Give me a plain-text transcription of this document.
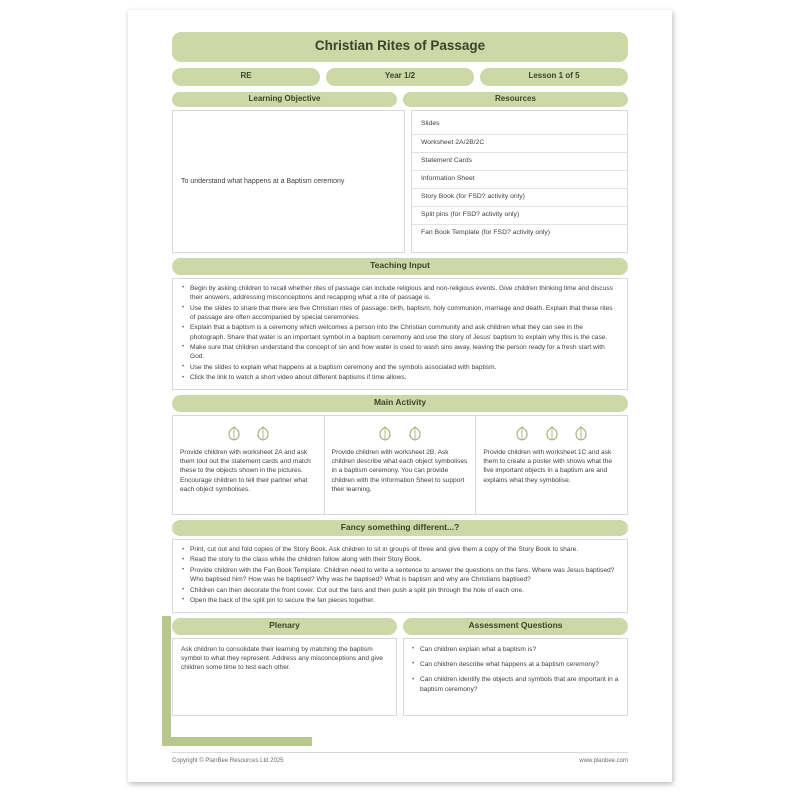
Christian Rites of Passage
RE	Year 1/2	Lesson 1 of 5
Learning Objective	Resources
To understand what happens at a Baptism ceremony
Slides
Worksheet 2A/2B/2C
Statement Cards
Information Sheet
Story Book (for FSD? activity only)
Split pins (for FSD? activity only)
Fan Book Template (for FSD? activity only)
Teaching Input
• Begin by asking children to recall whether rites of passage can include religious and non-religious events. Give children thinking time and discuss their answers, addressing misconceptions and recapping what a rite of passage is.
• Use the slides to share that there are five Christian rites of passage: birth, baptism, holy communion, marriage and death. Explain that these rites of passage are often accompanied by special ceremonies.
• Explain that a baptism is a ceremony which welcomes a person into the Christian community and ask children what they can see in the photograph. Share that water is an important symbol in a baptism ceremony and use the story of Jesus' baptism to explain why this is the case.
• Make sure that children understand the concept of sin and how water is used to wash sins away, leaving the person ready for a fresh start with God.
• Use the slides to explain what happens at a baptism ceremony and the symbols associated with baptism.
• Click the link to watch a short video about different baptisms if time allows.
Main Activity

Provide children with worksheet 2A and ask them tout out the statement cards and match these to the objects shown in the pictures. Encourage children to tell their partner what each object symbolises.

Provide children with worksheet 2B. Ask children describe what each object symbolises in a baptism ceremony. You can provide children with the Information Sheet to support their learning.

Provide children with worksheet 1C and ask them to create a poster with shows what the five important objects in a baptism are and explains what they symbolise.
Fancy something different...?
• Print, cut out and fold copies of the Story Book. Ask children to sit in groups of three and give them a copy of the Story Book to share.
• Read the story to the class while the children follow along with their Story Book.
• Provide children with the Fan Book Template. Children need to write a sentence to answer the questions on the fans. Where was Jesus baptised? Who baptised him? How was he baptised? Why was he baptised? What is baptism and why are Christians baptised?
• Children can then decorate the front cover. Cut out the fans and then push a split pin through the hole of each one.
• Open the back of the split pin to secure the fan pieces together.
Plenary	Assessment Questions
Ask children to consolidate their learning by matching the baptism symbol to what they represent. Address any misconceptions and give children some time to test each other.
• Can children explain what a baptism is?
• Can children describe what happens at a baptism ceremony?
• Can children identify the objects and symbols that are important in a baptism ceremony?
Copyright © PlanBee Resources Ltd 2025	www.planbee.com
